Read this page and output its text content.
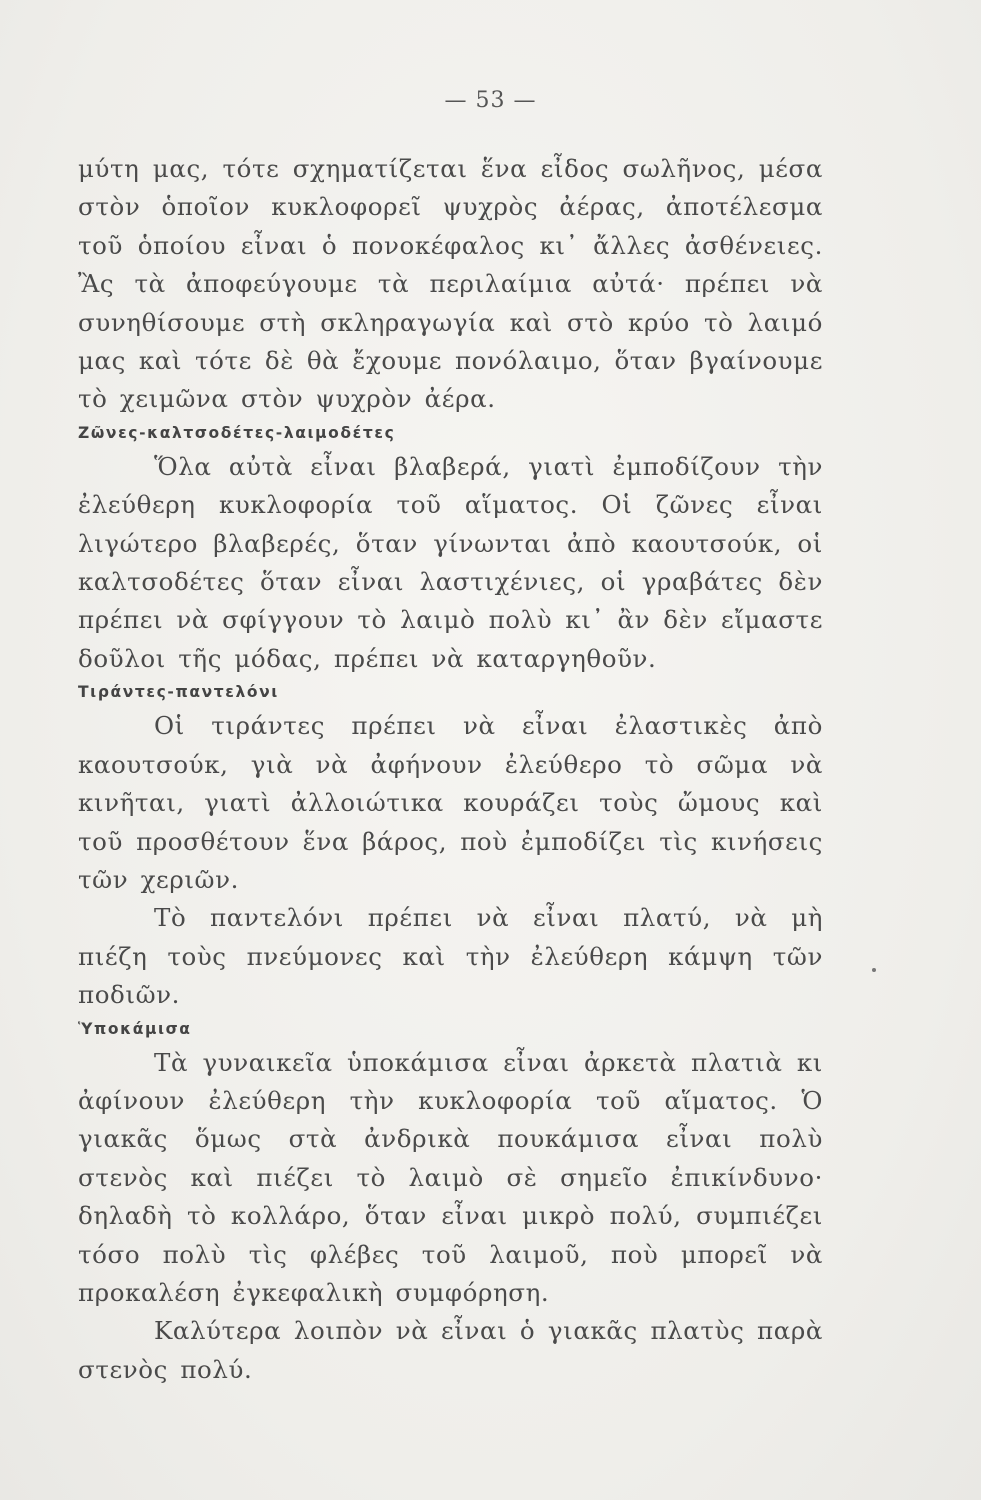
— 53 —

μύτη μας, τότε σχηματίζεται ἕνα εἶδος σωλῆνος, μέσα στὸν ὁποῖον κυκλοφορεῖ ψυχρὸς ἀέρας, ἀποτέλεσμα τοῦ ὁποίου εἶναι ὁ πονοκέφαλος κι᾽ ἄλλες ἀσθένειες. Ἂς τὰ ἀποφεύγουμε τὰ περιλαίμια αὐτά· πρέπει νὰ συνηθίσουμε στὴ σκληραγωγία καὶ στὸ κρύο τὸ λαιμό μας καὶ τότε δὲ θὰ ἔχουμε πονόλαιμο, ὅταν βγαίνουμε τὸ χειμῶνα στὸν ψυχρὸν ἀέρα.

Ζῶνες-καλτσοδέτες-λαιμοδέτες

Ὅλα αὐτὰ εἶναι βλαβερά, γιατὶ ἐμποδίζουν τὴν ἐλεύθερη κυκλοφορία τοῦ αἵματος. Οἱ ζῶνες εἶναι λιγώτερο βλαβερές, ὅταν γίνωνται ἀπὸ καουτσούκ, οἱ καλτσοδέτες ὅταν εἶναι λαστιχένιες, οἱ γραβάτες δὲν πρέπει νὰ σφίγγουν τὸ λαιμὸ πολὺ κι᾽ ἂν δὲν εἴμαστε δοῦλοι τῆς μόδας, πρέπει νὰ καταργηθοῦν.

Τιράντες-παντελόνι

Οἱ τιράντες πρέπει νὰ εἶναι ἐλαστικὲς ἀπὸ καουτσούκ, γιὰ νὰ ἀφήνουν ἐλεύθερο τὸ σῶμα νὰ κινῆται, γιατὶ ἀλλοιώτικα κουράζει τοὺς ὤμους καὶ τοῦ προσθέτουν ἕνα βάρος, ποὺ ἐμποδίζει τὶς κινήσεις τῶν χεριῶν.

Τὸ παντελόνι πρέπει νὰ εἶναι πλατύ, νὰ μὴ πιέζη τοὺς πνεύμονες καὶ τὴν ἐλεύθερη κάμψη τῶν ποδιῶν.

Ὑποκάμισα

Τὰ γυναικεῖα ὑποκάμισα εἶναι ἀρκετὰ πλατιὰ κι ἀφίνουν ἐλεύθερη τὴν κυκλοφορία τοῦ αἵματος. Ὁ γιακᾶς ὅμως στὰ ἀνδρικὰ πουκάμισα εἶναι πολὺ στενὸς καὶ πιέζει τὸ λαιμὸ σὲ σημεῖο ἐπικίνδυνο· δηλαδὴ τὸ κολλάρο, ὅταν εἶναι μικρὸ πολύ, συμπιέζει τόσο πολὺ τὶς φλέβες τοῦ λαιμοῦ, ποὺ μπορεῖ νὰ προκαλέση ἐγκεφαλικὴ συμφόρηση.

Καλύτερα λοιπὸν νὰ εἶναι ὁ γιακᾶς πλατὺς παρὰ στενὸς πολύ.
